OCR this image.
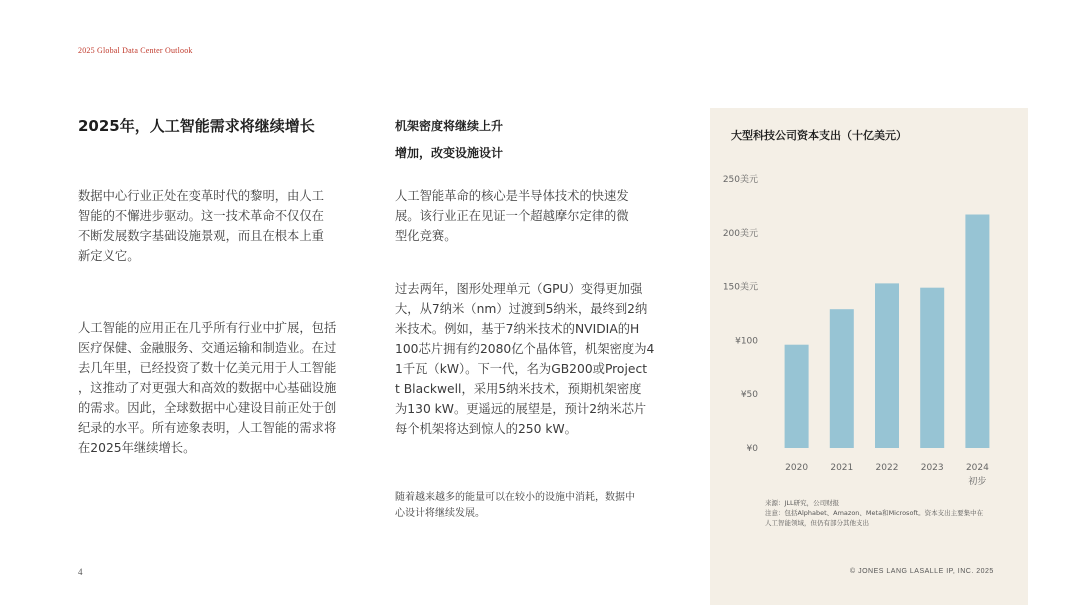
2025 Global Data Center Outlook
2025年，人工智能需求将继续增长
数据中心行业正处在变革时代的黎明，由人工
智能的不懈进步驱动。这一技术革命不仅仅在
不断发展数字基础设施景观，而且在根本上重
新定义它。
人工智能的应用正在几乎所有行业中扩展，包括
医疗保健、金融服务、交通运输和制造业。在过
去几年里，已经投资了数十亿美元用于人工智能
，这推动了对更强大和高效的数据中心基础设施
的需求。因此，全球数据中心建设目前正处于创
纪录的水平。所有迹象表明，人工智能的需求将
在2025年继续增长。
机架密度将继续上升
增加，改变设施设计
人工智能革命的核心是半导体技术的快速发
展。该行业正在见证一个超越摩尔定律的微
型化竞赛。
过去两年，图形处理单元（GPU）变得更加强
大，从7纳米（nm）过渡到5纳米，最终到2纳
米技术。例如，基于7纳米技术的NVIDIA的H
100芯片拥有约2080亿个晶体管，机架密度为4
1千瓦（kW）。下一代，名为GB200或Project
t Blackwell，采用5纳米技术，预期机架密度
为130 kW。更遥远的展望是，预计2纳米芯片
每个机架将达到惊人的250 kW。
随着越来越多的能量可以在较小的设施中消耗，数据中
心设计将继续发展。
4
大型科技公司资本支出（十亿美元）
¥0
¥50
¥100
150美元
200美元
250美元
2020 2021 2022 2023 2024
初步
来源：JLL研究，公司财报
注意：包括Alphabet、Amazon、Meta和Microsoft。资本支出主要集中在
人工智能领域，但仍有部分其他支出
© JONES LANG LASALLE IP, INC. 2025
